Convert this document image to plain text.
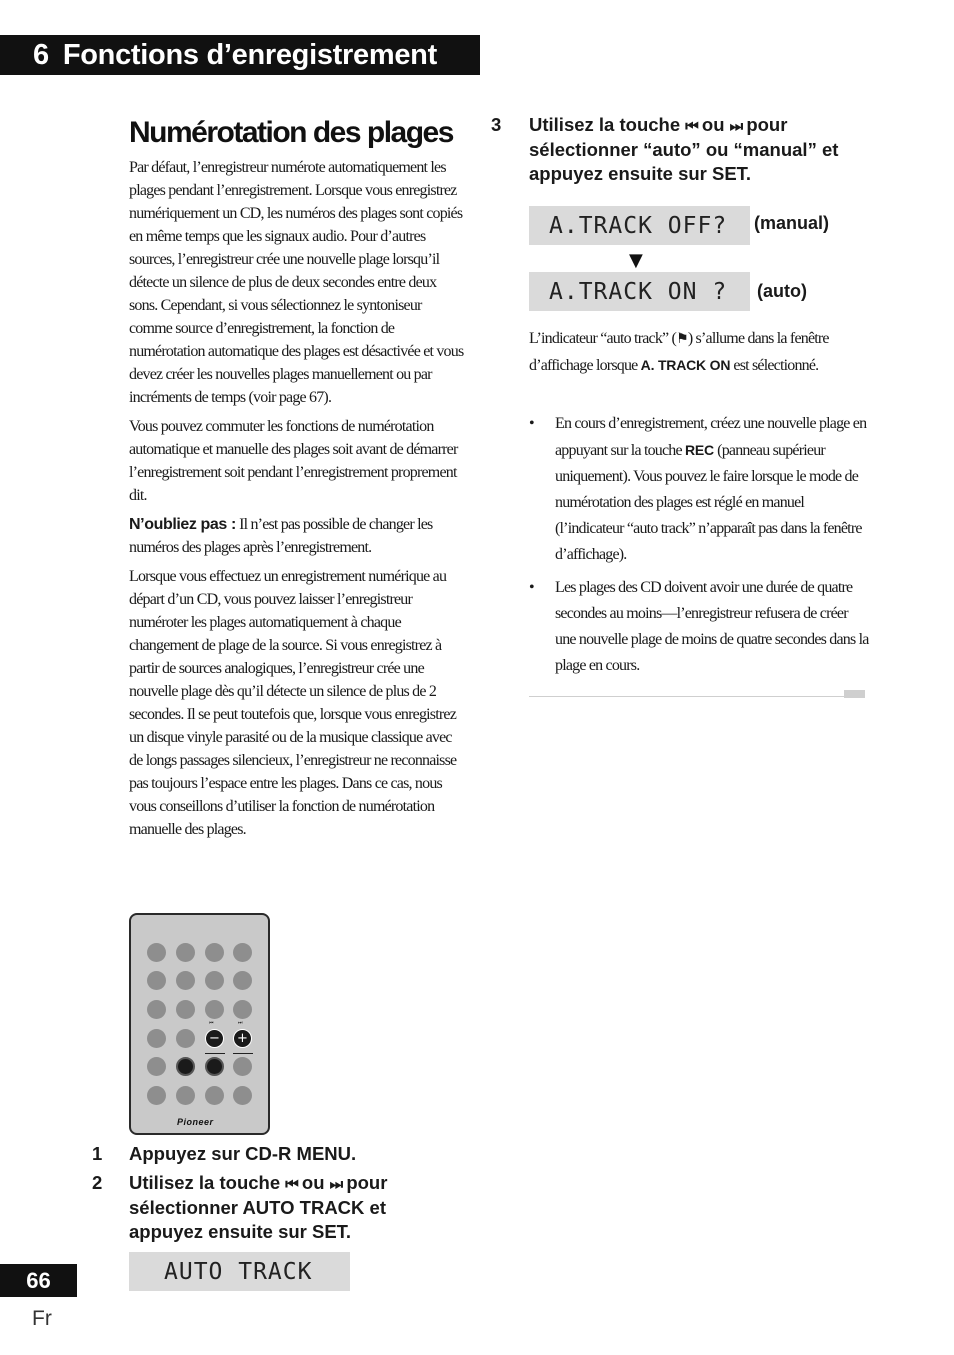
6 Fonctions d’enregistrement
Numérotation des plages

Par défaut, l’enregistreur numérote automatiquement les plages pendant l’enregistrement. Lorsque vous enregistrez numériquement un CD, les numéros des plages sont copiés en même temps que les signaux audio. Pour d’autres sources, l’enregistreur crée une nouvelle plage lorsqu’il détecte un silence de plus de deux secondes entre deux sons. Cependant, si vous sélectionnez le syntoniseur comme source d’enregistrement, la fonction de numérotation automatique des plages est désactivée et vous devez créer les nouvelles plages manuellement ou par incréments de temps (voir page 67).

Vous pouvez commuter les fonctions de numérotation automatique et manuelle des plages soit avant de démarrer l’enregistrement soit pendant l’enregistrement proprement dit.

N’oubliez pas : Il n’est pas possible de changer les numéros des plages après l’enregistrement.

Lorsque vous effectuez un enregistrement numérique au départ d’un CD, vous pouvez laisser l’enregistreur numéroter les plages automatiquement à chaque changement de plage de la source. Si vous enregistrez à partir de sources analogiques, l’enregistreur crée une nouvelle plage dès qu’il détecte un silence de plus de 2 secondes. Il se peut toutefois que, lorsque vous enregistrez un disque vinyle parasité ou de la musique classique avec de longs passages silencieux, l’enregistreur ne reconnaisse pas toujours l’espace entre les plages. Dans ce cas, nous vous conseillons d’utiliser la fonction de numérotation manuelle des plages.

⏮
−
⏭
+
Pioneer
1 Appuyez sur CD-R MENU.
2 Utilisez la touche ⏮ ou ⏭ pour
sélectionner AUTO TRACK et
appuyez ensuite sur SET.
AUTO TRACK
3 Utilisez la touche ⏮ ou ⏭ pour
sélectionner “auto” ou “manual” et
appuyez ensuite sur SET.
A.TRACK OFF?	(manual)
▼
A.TRACK ON ?	(auto)

L’indicateur “auto track” (⚑) s’allume dans la fenêtre d’affichage lorsque A. TRACK ON est sélectionné.

• En cours d’enregistrement, créez une nouvelle plage en appuyant sur la touche REC (panneau supérieur uniquement). Vous pouvez le faire lorsque le mode de numérotation des plages est réglé en manuel (l’indicateur “auto track” n’apparaît pas dans la fenêtre d’affichage).

• Les plages des CD doivent avoir une durée de quatre secondes au moins—l’enregistreur refusera de créer une nouvelle plage de moins de quatre secondes dans la plage en cours.

66
Fr
